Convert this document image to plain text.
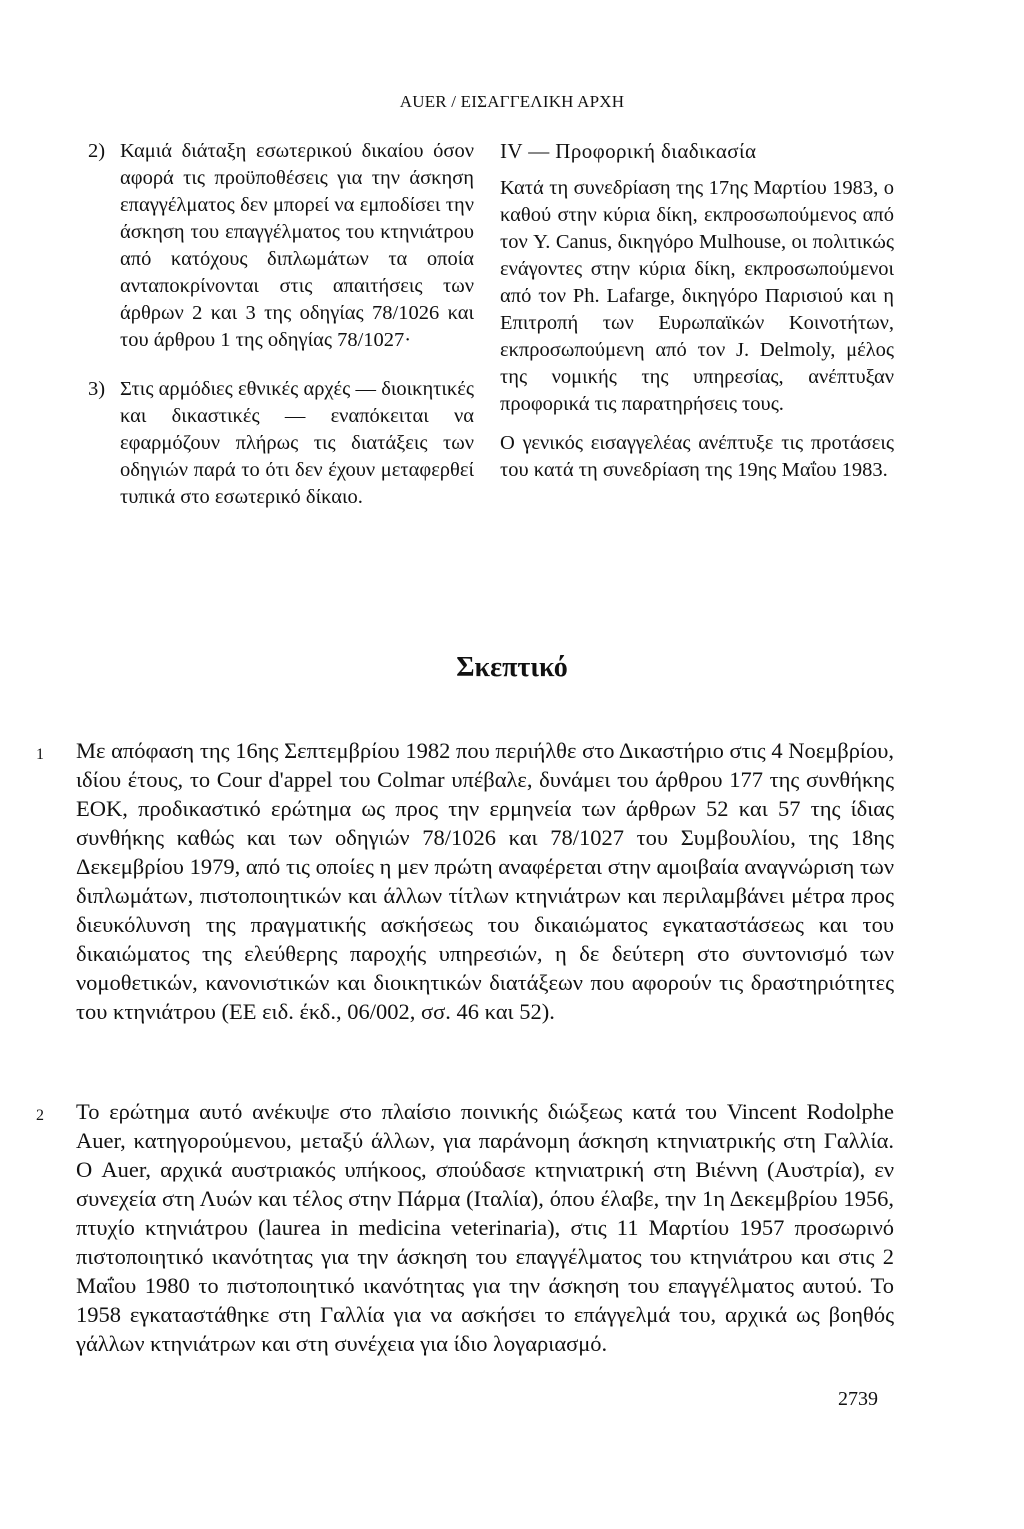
AUER / ΕΙΣΑΓΓΕΛΙΚΗ ΑΡΧΗ
2) Καμιά διάταξη εσωτερικού δικαίου όσον αφορά τις προϋποθέσεις για την άσκηση επαγγέλματος δεν μπορεί να εμποδίσει την άσκηση του επαγγέλματος του κτηνιάτρου από κατόχους διπλωμάτων τα οποία ανταποκρίνονται στις απαιτήσεις των άρθρων 2 και 3 της οδηγίας 78/1026 και του άρθρου 1 της οδηγίας 78/1027·
3) Στις αρμόδιες εθνικές αρχές — διοικητικές και δικαστικές — εναπόκειται να εφαρμόζουν πλήρως τις διατάξεις των οδηγιών παρά το ότι δεν έχουν μεταφερθεί τυπικά στο εσωτερικό δίκαιο.
IV — Προφορική διαδικασία

Κατά τη συνεδρίαση της 17ης Μαρτίου 1983, ο καθού στην κύρια δίκη, εκπροσωπούμενος από τον Y. Canus, δικηγόρο Mulhouse, οι πολιτικώς ενάγοντες στην κύρια δίκη, εκπροσωπούμενοι από τον Ph. Lafarge, δικηγόρο Παρισιού και η Επιτροπή των Ευρωπαϊκών Κοινοτήτων, εκπροσωπούμενη από τον J. Delmoly, μέλος της νομικής της υπηρεσίας, ανέπτυξαν προφορικά τις παρατηρήσεις τους.

Ο γενικός εισαγγελέας ανέπτυξε τις προτάσεις του κατά τη συνεδρίαση της 19ης Μαΐου 1983.

Σκεπτικό
1 Με απόφαση της 16ης Σεπτεμβρίου 1982 που περιήλθε στο Δικαστήριο στις 4 Νοεμβρίου, ιδίου έτους, το Cour d'appel του Colmar υπέβαλε, δυνάμει του άρθρου 177 της συνθήκης ΕΟΚ, προδικαστικό ερώτημα ως προς την ερμηνεία των άρθρων 52 και 57 της ίδιας συνθήκης καθώς και των οδηγιών 78/1026 και 78/1027 του Συμβουλίου, της 18ης Δεκεμβρίου 1979, από τις οποίες η μεν πρώτη αναφέρεται στην αμοιβαία αναγνώριση των διπλωμάτων, πιστοποιητικών και άλλων τίτλων κτηνιάτρων και περιλαμβάνει μέτρα προς διευκόλυνση της πραγματικής ασκήσεως του δικαιώματος εγκαταστάσεως και του δικαιώματος της ελεύθερης παροχής υπηρεσιών, η δε δεύτερη στο συντονισμό των νομοθετικών, κανονιστικών και διοικητικών διατάξεων που αφορούν τις δραστηριότητες του κτηνιάτρου (ΕΕ ειδ. έκδ., 06/002, σσ. 46 και 52).
2 Το ερώτημα αυτό ανέκυψε στο πλαίσιο ποινικής διώξεως κατά του Vincent Rodolphe Auer, κατηγορούμενου, μεταξύ άλλων, για παράνομη άσκηση κτηνιατρικής στη Γαλλία. Ο Auer, αρχικά αυστριακός υπήκοος, σπούδασε κτηνιατρική στη Βιέννη (Αυστρία), εν συνεχεία στη Λυών και τέλος στην Πάρμα (Ιταλία), όπου έλαβε, την 1η Δεκεμβρίου 1956, πτυχίο κτηνιάτρου (laurea in medicina veterinaria), στις 11 Μαρτίου 1957 προσωρινό πιστοποιητικό ικανότητας για την άσκηση του επαγγέλματος του κτηνιάτρου και στις 2 Μαΐου 1980 το πιστοποιητικό ικανότητας για την άσκηση του επαγγέλματος αυτού. Το 1958 εγκαταστάθηκε στη Γαλλία για να ασκήσει το επάγγελμά του, αρχικά ως βοηθός γάλλων κτηνιάτρων και στη συνέχεια για ίδιο λογαριασμό.
2739
